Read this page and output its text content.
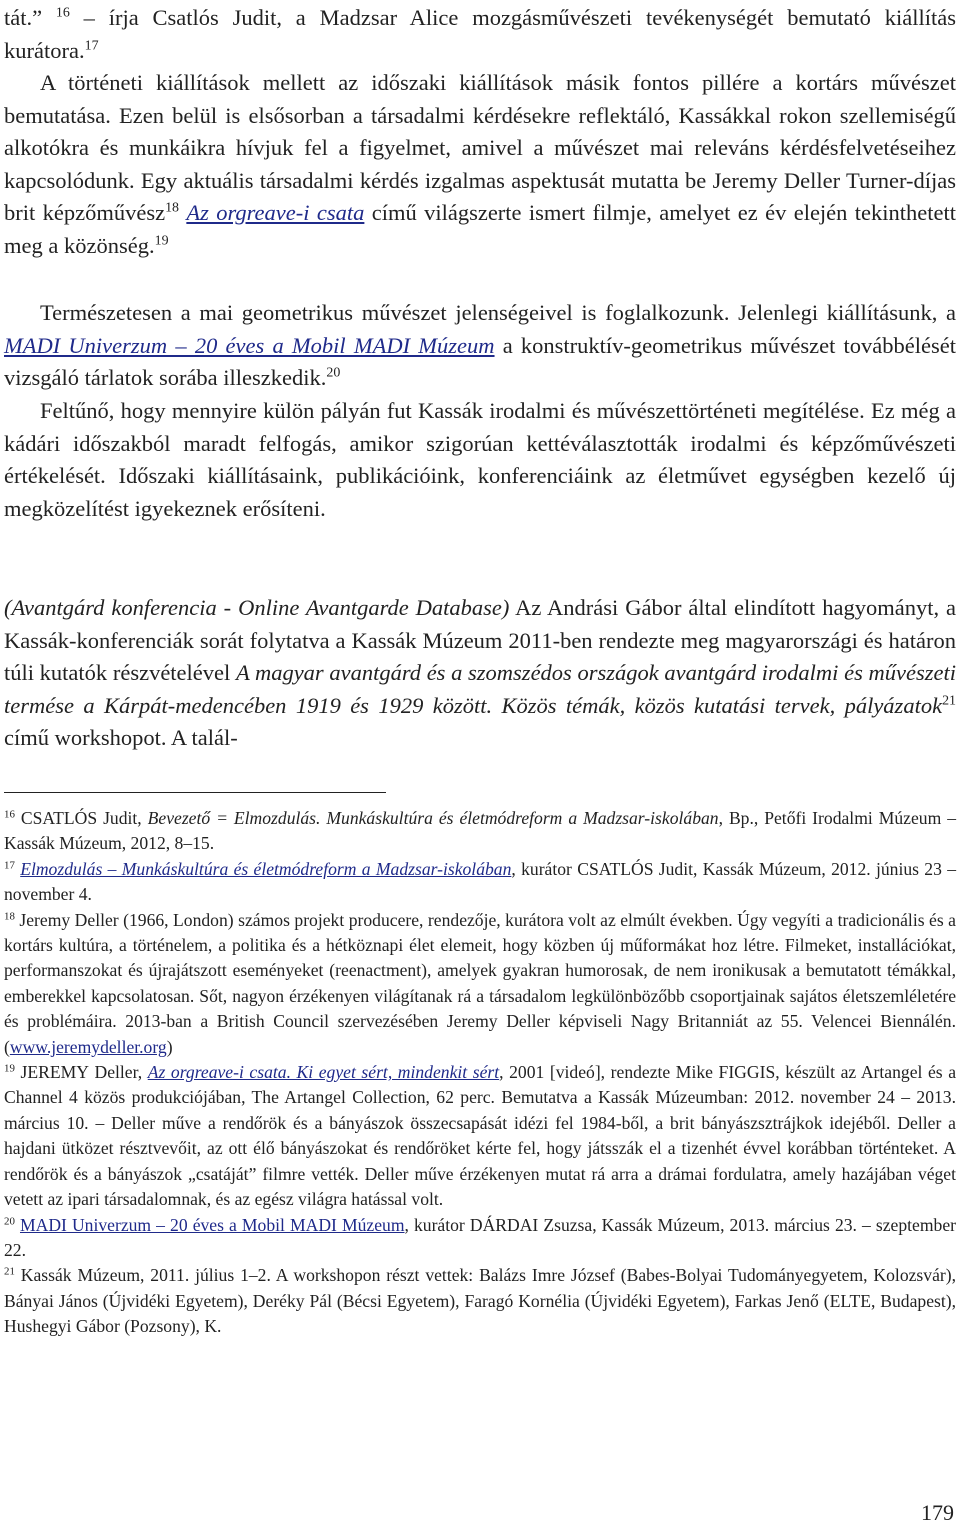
tát.” $^{16}$ – írja Csatlós Judit, a Madzsar Alice mozgásművészeti tevékenységét bemutató kiállítás kurátora.$^{17}$

A történeti kiállítások mellett az időszaki kiállítások másik fontos pillére a kortárs művészet bemutatása. Ezen belül is elsősorban a társadalmi kérdésekre reflektáló, Kassákkal rokon szellemiségű alkotókra és munkáikra hívjuk fel a figyelmet, amivel a művészet mai releváns kérdésfelvetéseihez kapcsolódunk. Egy aktuális társadalmi kérdés izgalmas aspektusát mutatta be Jeremy Deller Turner-díjas brit képzőművész$^{18}$ Az orgreave-i csata című világszerte ismert filmje, amelyet ez év elején tekinthetett meg a közönség.$^{19}$

Természetesen a mai geometrikus művészet jelenségeivel is foglalkozunk. Jelenlegi kiállításunk, a MADI Univerzum – 20 éves a Mobil MADI Múzeum a konstruktív-geometrikus művészet továbbélését vizsgáló tárlatok sorába illeszkedik.$^{20}$

Feltűnő, hogy mennyire külön pályán fut Kassák irodalmi és művészettörténeti megítélése. Ez még a kádári időszakból maradt felfogás, amikor szigorúan kettéválasztották irodalmi és képzőművészeti értékelését. Időszaki kiállításaink, publikációink, konferenciáink az életművet egységben kezelő új megközelítést igyekeznek erősíteni.

(Avantgárd konferencia - Online Avantgarde Database) Az Andrási Gábor által elindított hagyományt, a Kassák-konferenciák sorát folytatva a Kassák Múzeum 2011-ben rendezte meg magyarországi és határon túli kutatók részvételével A magyar avantgárd és a szomszédos országok avantgárd irodalmi és művészeti termése a Kárpát-medencében 1919 és 1929 között. Közös témák, közös kutatási tervek, pályázatok$^{21}$ című workshopot. A talál-

$^{16}$ CSATLÓS Judit, Bevezető = Elmozdulás. Munkáskultúra és életmódreform a Madzsar-iskolában, Bp., Petőfi Irodalmi Múzeum – Kassák Múzeum, 2012, 8–15.

$^{17}$ Elmozdulás – Munkáskultúra és életmódreform a Madzsar-iskolában, kurátor CSATLÓS Judit, Kassák Múzeum, 2012. június 23 – november 4.

$^{18}$ Jeremy Deller (1966, London) számos projekt producere, rendezője, kurátora volt az elmúlt években. Úgy vegyíti a tradicionális és a kortárs kultúra, a történelem, a politika és a hétköznapi élet elemeit, hogy közben új műformákat hoz létre. Filmeket, installációkat, performanszokat és újrajátszott eseményeket (reenactment), amelyek gyakran humorosak, de nem ironikusak a bemutatott témákkal, emberekkel kapcsolatosan. Sőt, nagyon érzékenyen világítanak rá a társadalom legkülönbözőbb csoportjainak sajátos életszemléletére és problémáira. 2013-ban a British Council szervezésében Jeremy Deller képviseli Nagy Britanniát az 55. Velencei Biennálén. (www.jeremydeller.org)

$^{19}$ JEREMY Deller, Az orgreave-i csata. Ki egyet sért, mindenkit sért, 2001 [videó], rendezte Mike FIGGIS, készült az Artangel és a Channel 4 közös produkciójában, The Artangel Collection, 62 perc. Bemutatva a Kassák Múzeumban: 2012. november 24 – 2013. március 10. – Deller műve a rendőrök és a bányászok összecsapását idézi fel 1984-ből, a brit bányászsztrájkok idejéből. Deller a hajdani ütközet résztvevőit, az ott élő bányászokat és rendőröket kérte fel, hogy játsszák el a tizenhét évvel korábban történteket. A rendőrök és a bányászok „csatáját” filmre vették. Deller műve érzékenyen mutat rá arra a drámai fordulatra, amely hazájában véget vetett az ipari társadalomnak, és az egész világra hatással volt.

$^{20}$ MADI Univerzum – 20 éves a Mobil MADI Múzeum, kurátor DÁRDAI Zsuzsa, Kassák Múzeum, 2013. március 23. – szeptember 22.

$^{21}$ Kassák Múzeum, 2011. július 1–2. A workshopon részt vettek: Balázs Imre József (Babes-Bolyai Tudományegyetem, Kolozsvár), Bányai János (Újvidéki Egyetem), Deréky Pál (Bécsi Egyetem), Faragó Kornélia (Újvidéki Egyetem), Farkas Jenő (ELTE, Budapest), Hushegyi Gábor (Pozsony), K.

179
